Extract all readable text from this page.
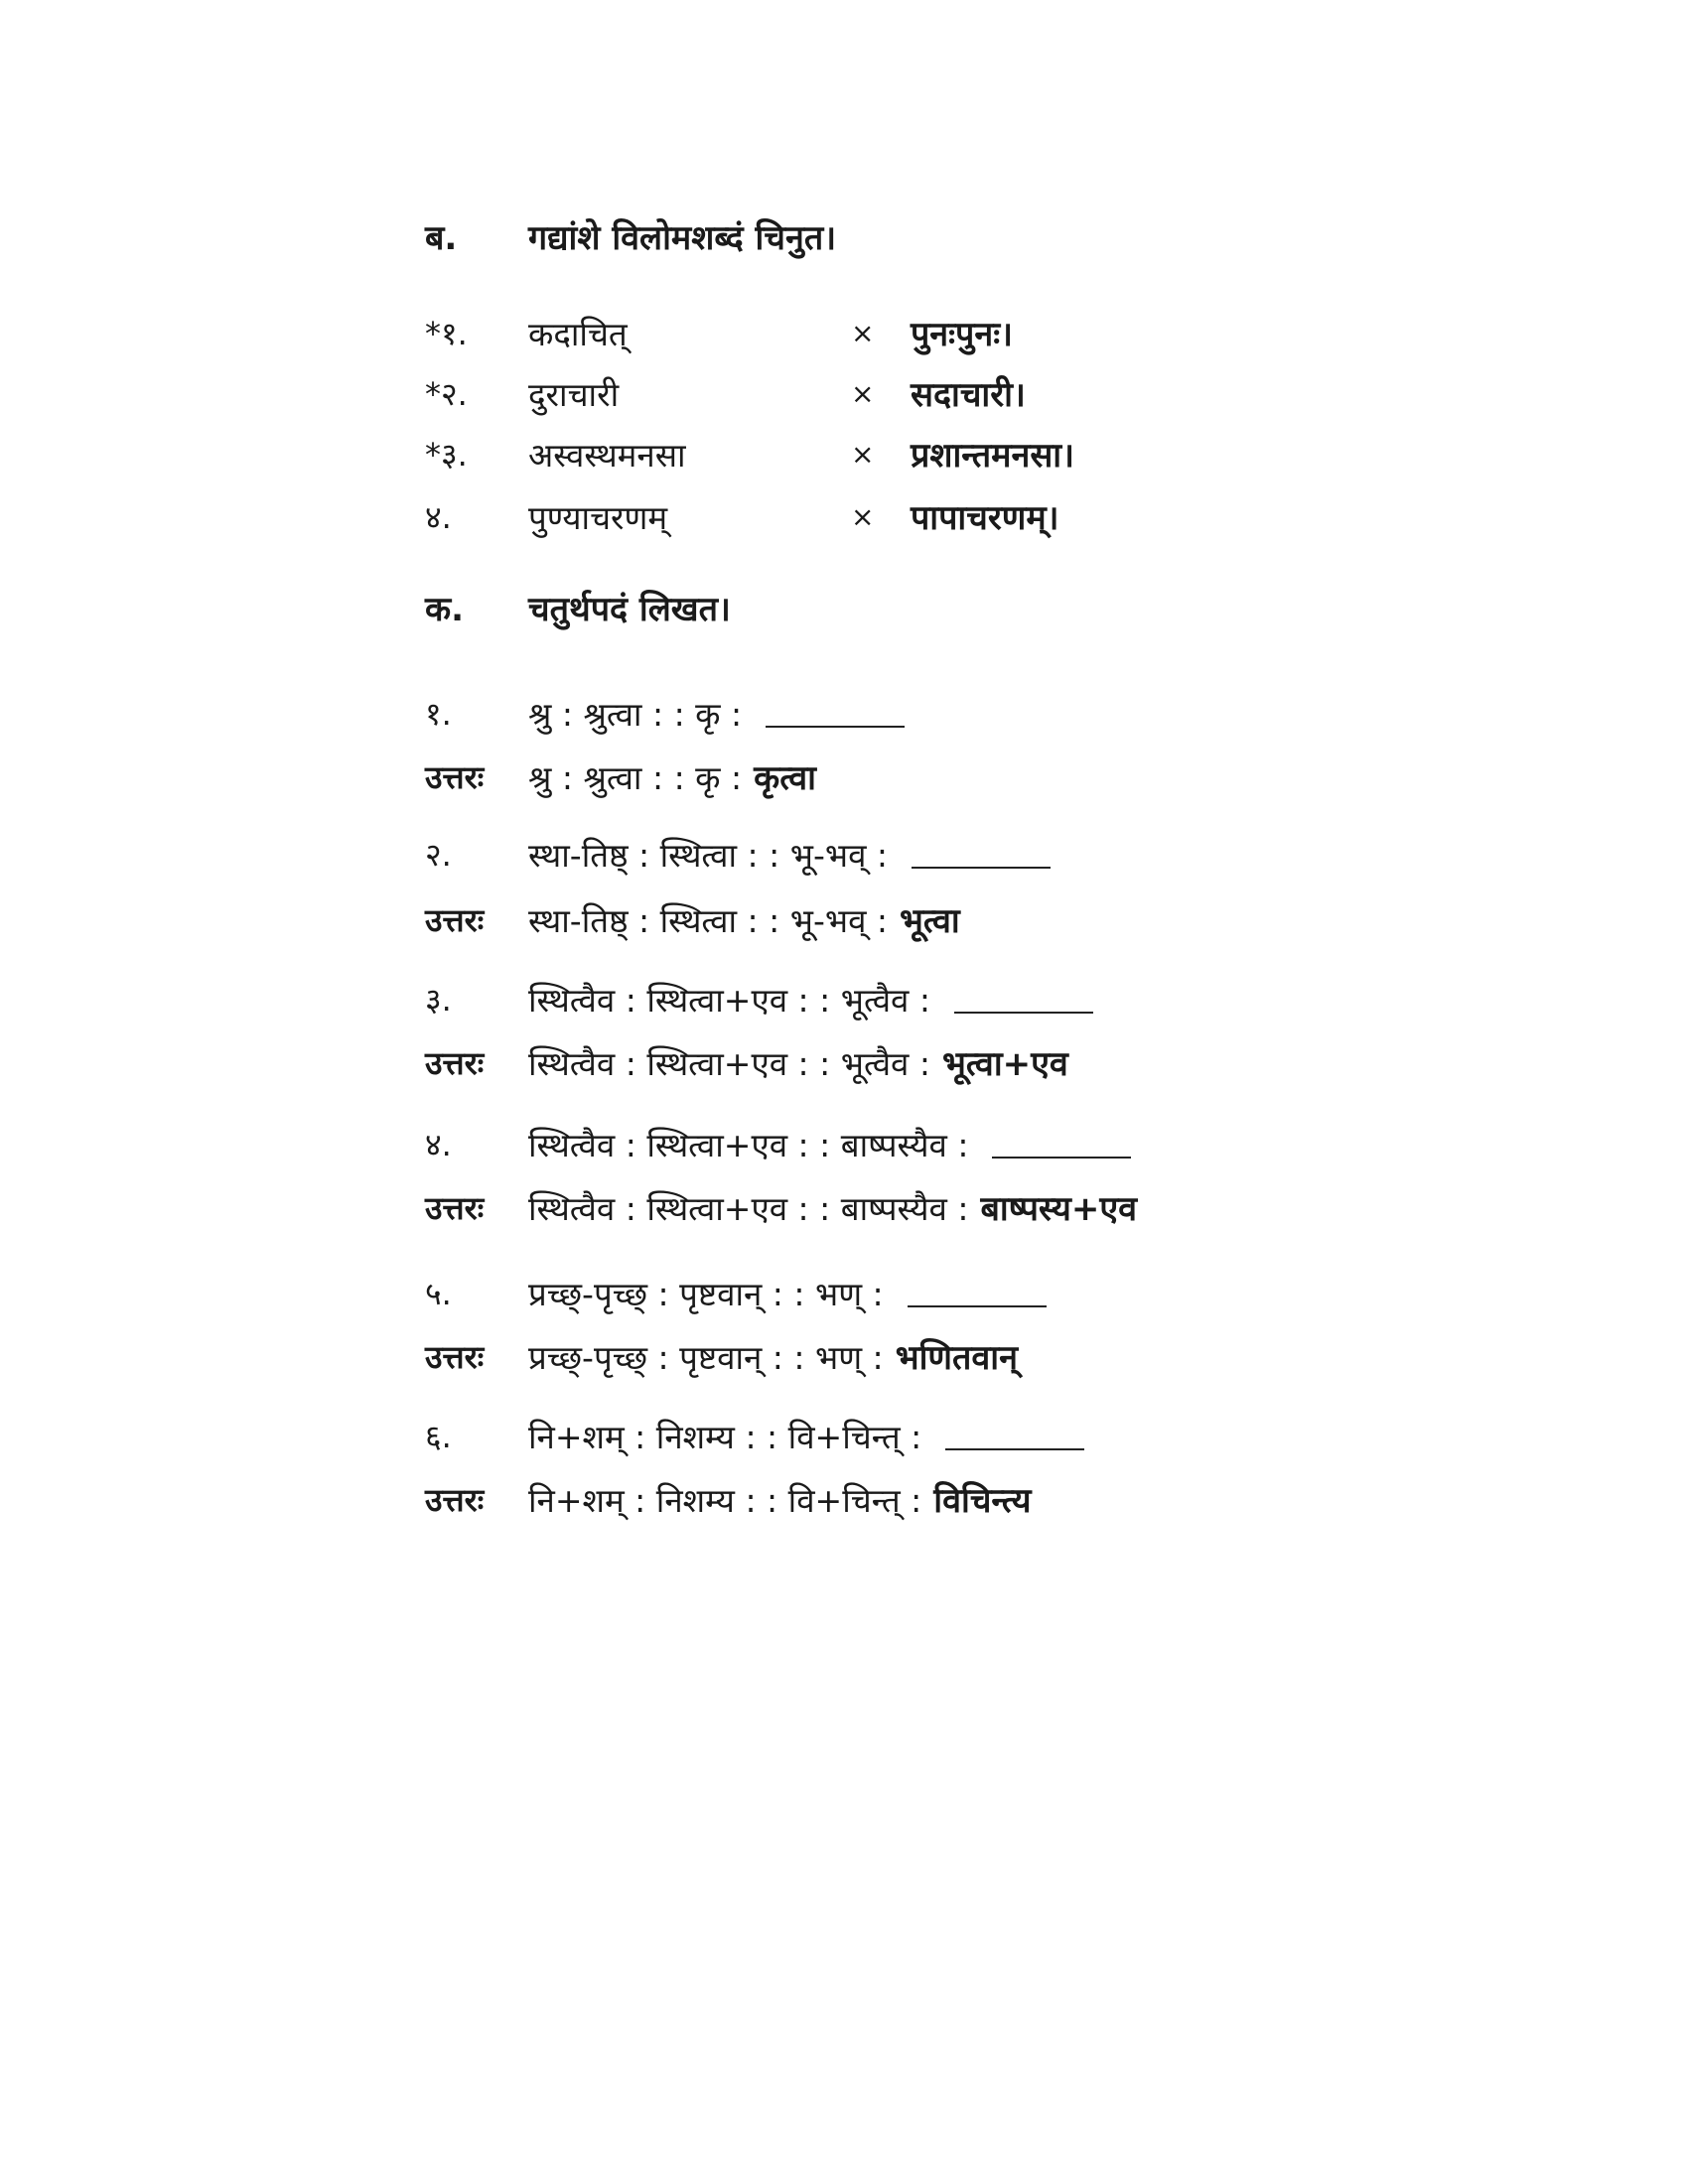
ब.	गद्यांशे विलोमशब्दं चिनुत।
*१.	कदाचित्	×	पुनःपुनः।
*२.	दुराचारी	×	सदाचारी।
*३.	अस्वस्थमनसा	×	प्रशान्तमनसा।
४.	पुण्याचरणम्	×	पापाचरणम्।
क.	चतुर्थपदं लिखत।
१.	श्रु : श्रुत्वा : : कृ :
उत्तरः	श्रु : श्रुत्वा : : कृ : कृत्वा
२.	स्था-तिष्ठ् : स्थित्वा : : भू-भव् :
उत्तरः	स्था-तिष्ठ् : स्थित्वा : : भू-भव् : भूत्वा
३.	स्थित्वैव : स्थित्वा+एव : : भूत्वैव :
उत्तरः	स्थित्वैव : स्थित्वा+एव : : भूत्वैव : भूत्वा+एव
४.	स्थित्वैव : स्थित्वा+एव : : बाष्पस्यैव :
उत्तरः	स्थित्वैव : स्थित्वा+एव : : बाष्पस्यैव : बाष्पस्य+एव
५.	प्रच्छ्-पृच्छ् : पृष्टवान् : : भण् :
उत्तरः	प्रच्छ्-पृच्छ् : पृष्टवान् : : भण् : भणितवान्
६.	नि+शम् : निशम्य : : वि+चिन्त् :
उत्तरः	नि+शम् : निशम्य : : वि+चिन्त् : विचिन्त्य
